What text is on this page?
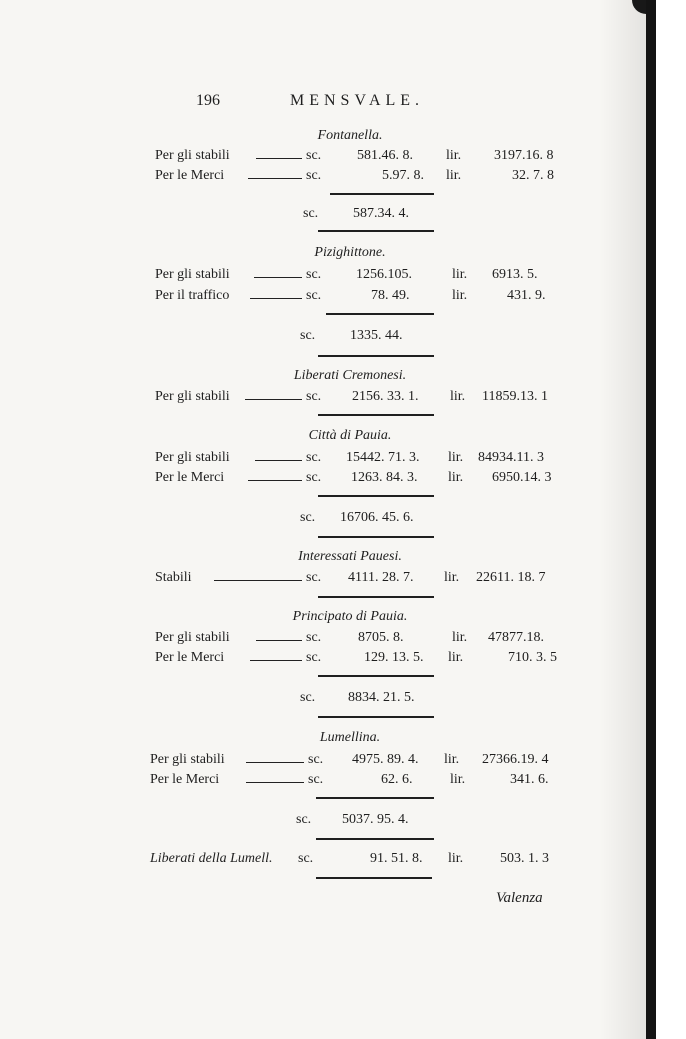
196	MENSVALE.
Fontanella.
Per gli stabili	sc.	581.46. 8. lir. 3197.16. 8
Per le Merci	sc.	5.97. 8. lir.	32. 7. 8
sc. 587.34. 4.
Pizighittone.
Per gli stabili	sc. 1256.105.	lir. 6913. 5.
Per il traffico	sc.	78. 49.	lir.	431. 9.
sc. 1335. 44.
Liberati Cremonesi.
Per gli stabili	sc. 2156. 33. 1. lir. 11859.13. 1
Città di Pauia.
Per gli stabili	sc. 15442. 71. 3. lir. 84934.11. 3
Per le Merci	sc. 1263. 84. 3. lir. 6950.14. 3
sc. 16706. 45. 6.
Interessati Pauesi.
Stabili	sc. 4111. 28. 7. lir. 22611. 18. 7
Principato di Pauia.
Per gli stabili	sc.	8705. 8.	lir. 47877.18.
Per le Merci	sc.	129. 13. 5. lir.	710. 3. 5
sc. 8834. 21. 5.
Lumellina.
Per gli stabili	sc. 4975. 89. 4. lir. 27366.19. 4
Per le Merci	sc.	62. 6.	lir.	341. 6.
sc. 5037. 95. 4.
Liberati della Lumell. sc.	91. 51. 8. lir.	503. 1. 3
Valenza
